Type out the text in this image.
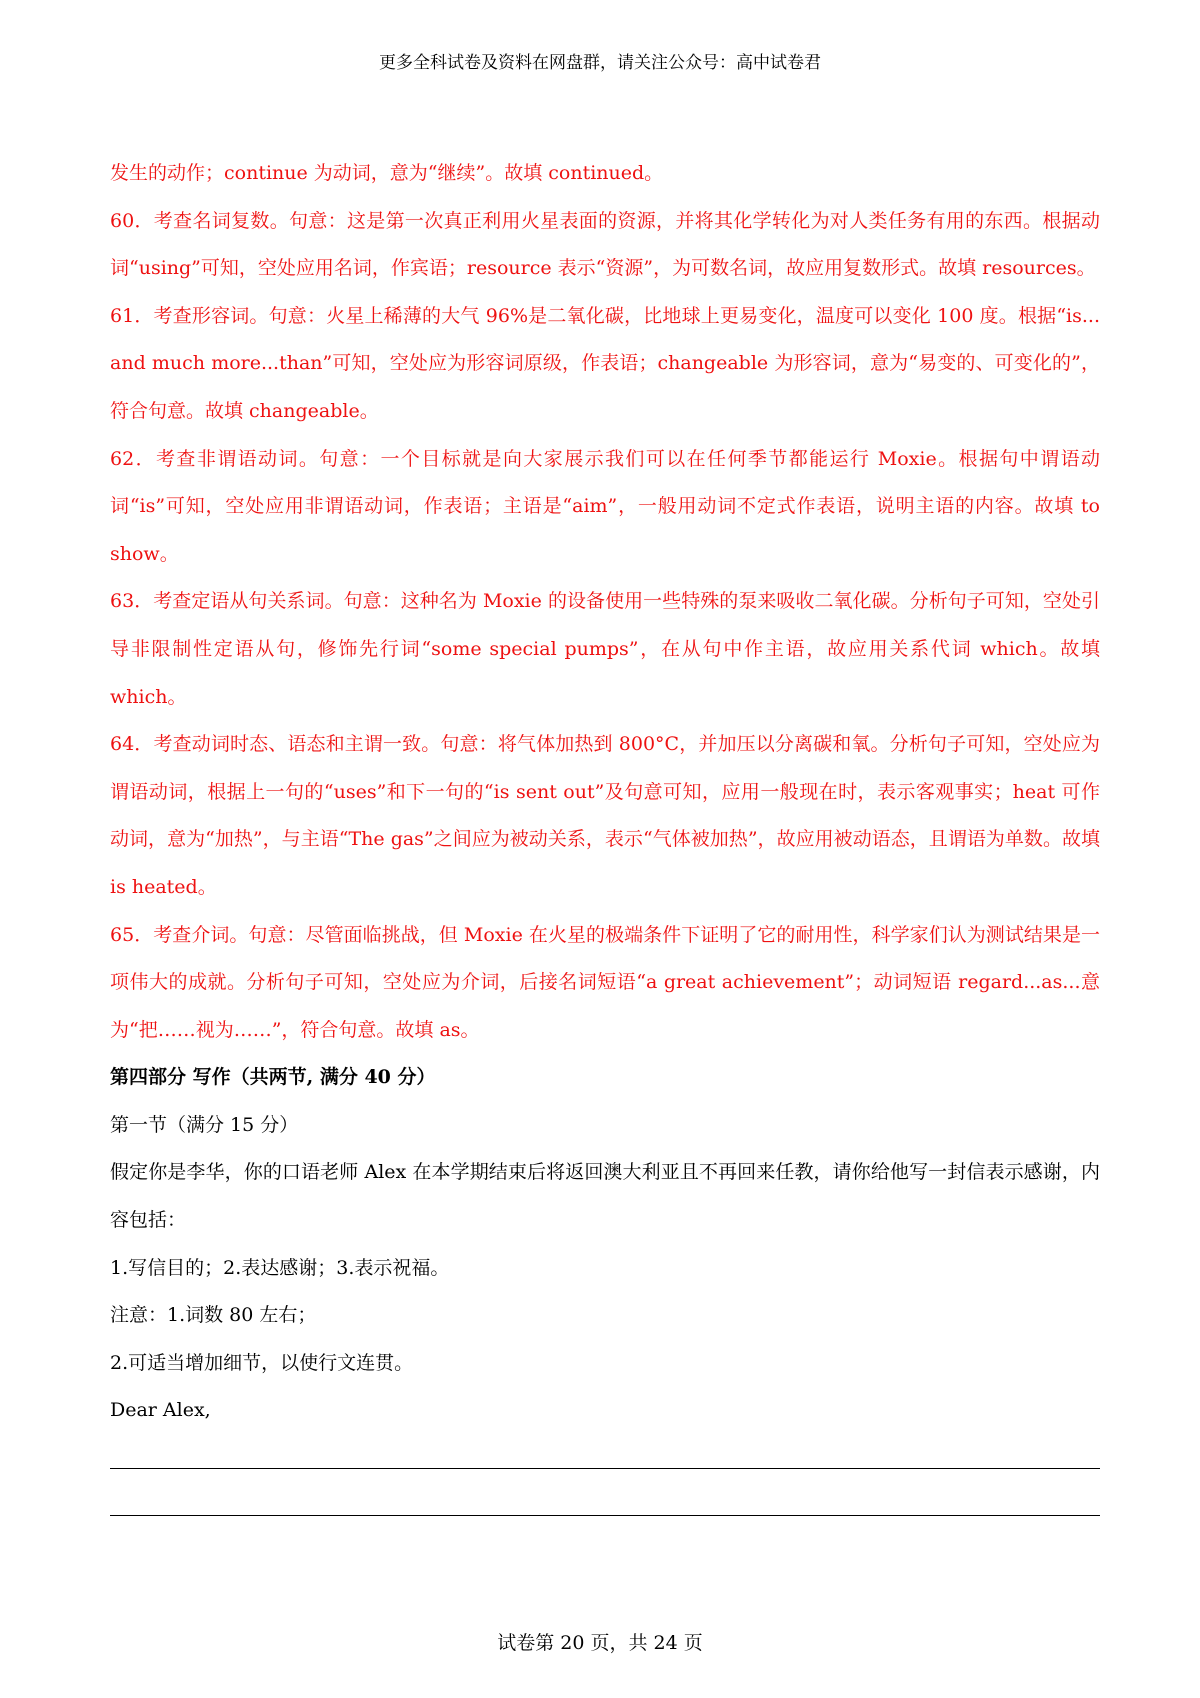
更多全科试卷及资料在网盘群，请关注公众号：高中试卷君

发生的动作；continue 为动词，意为“继续”。故填 continued。

60．考查名词复数。句意：这是第一次真正利用火星表面的资源，并将其化学转化为对人类任务有用的东西。根据动词“using”可知，空处应用名词，作宾语；resource 表示“资源”，为可数名词，故应用复数形式。故填 resources。

61．考查形容词。句意：火星上稀薄的大气 96%是二氧化碳，比地球上更易变化，温度可以变化 100 度。根据“is... and much more...than”可知，空处应为形容词原级，作表语；changeable 为形容词，意为“易变的、可变化的”，符合句意。故填 changeable。

62．考查非谓语动词。句意：一个目标就是向大家展示我们可以在任何季节都能运行 Moxie。根据句中谓语动词“is”可知，空处应用非谓语动词，作表语；主语是“aim”，一般用动词不定式作表语，说明主语的内容。故填 to show。

63．考查定语从句关系词。句意：这种名为 Moxie 的设备使用一些特殊的泵来吸收二氧化碳。分析句子可知，空处引导非限制性定语从句，修饰先行词“some special pumps”，在从句中作主语，故应用关系代词 which。故填 which。

64．考查动词时态、语态和主谓一致。句意：将气体加热到 800°C，并加压以分离碳和氧。分析句子可知，空处应为谓语动词，根据上一句的“uses”和下一句的“is sent out”及句意可知，应用一般现在时，表示客观事实；heat 可作动词，意为“加热”，与主语“The gas”之间应为被动关系，表示“气体被加热”，故应用被动语态，且谓语为单数。故填 is heated。

65．考查介词。句意：尽管面临挑战，但 Moxie 在火星的极端条件下证明了它的耐用性，科学家们认为测试结果是一项伟大的成就。分析句子可知，空处应为介词，后接名词短语“a great achievement”；动词短语 regard...as...意为“把……视为……”，符合句意。故填 as。

第四部分 写作（共两节, 满分 40 分）

第一节（满分 15 分）

假定你是李华，你的口语老师 Alex 在本学期结束后将返回澳大利亚且不再回来任教，请你给他写一封信表示感谢，内容包括：

1.写信目的；2.表达感谢；3.表示祝福。

注意：1.词数 80 左右；

2.可适当增加细节，以使行文连贯。

Dear Alex,

试卷第 20 页，共 24 页
